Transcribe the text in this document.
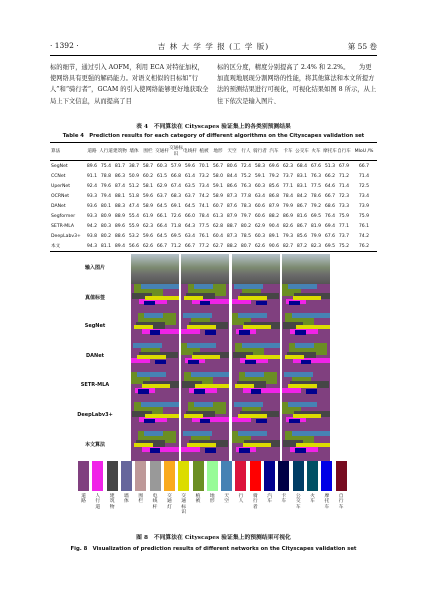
· 1392 ·	吉 林 大 学 学 报 (工 学 版)	第 55 卷

标的细节，通过引入 AOFM，利用 ECA 对特征加权，使网络具有更强的解码能力。对语义相似的目标如“行人”和“骑行者”，GCAM 的引入使网络能够更好地获取全局上下文信息，从而提高了目

标的区分度，精度分别提高了 2.4% 和 2.2%。　　为更加直观地展现分割网络的性能，将其他算法和本文所提方法的预测结果进行可视化，可视化结果如图 8 所示，从上往下依次是输入图片、

表 4　不同算法在 Cityscapes 验证集上的各类别预测结果
Table 4　Prediction results for each category of different algorithms on the Cityscapes validation set
算法	道路	人行道	建筑物	墙体	围栏	交通杆	交通标识	电线杆	植被	地形	天空	行人	骑行者	汽车	卡车	公交车	火车	摩托车	自行车	MIoU /%
SegNet	89.6	75.4	81.7	38.7	58.7	60.3	57.9	59.6	70.1	56.7	80.6	72.4	58.3	69.6	62.3	68.4	67.6	51.3	67.9	66.7
CCNet	91.1	78.8	86.3	50.9	60.2	61.5	66.8	61.4	73.2	58.0	84.4	75.2	59.1	79.2	73.7	83.1	76.3	66.2	71.2	71.4
UperNet	92.4	79.6	87.4	51.2	58.1	62.9	67.4	63.5	73.4	59.1	86.6	76.3	60.3	85.6	77.1	83.1	77.5	64.6	71.4	72.5
OCRNet	93.3	79.4	88.1	51.8	59.6	63.7	68.3	63.7	74.2	58.9	87.3	77.8	63.4	86.8	78.4	84.2	78.6	66.7	72.3	73.4
DANet	93.6	80.1	88.3	47.4	58.9	64.5	69.1	64.5	74.1	60.7	87.6	78.3	60.6	87.9	79.9	86.7	79.2	68.6	73.3	73.9
Segformer	93.3	80.9	88.9	55.4	61.9	66.1	72.6	66.0	78.4	61.3	87.9	79.7	60.6	88.2	86.9	81.6	69.5	76.4	75.9	75.9
SETR-MLA	94.2	80.3	89.6	55.9	62.3	66.4	71.8	64.3	77.5	62.8	88.7	80.2	62.9	90.4	82.6	86.7	81.9	69.4	77.1	76.1
DeepLabv3+	93.8	80.2	88.6	53.2	59.6	64.5	69.5	63.4	76.1	60.4	87.3	78.5	60.3	89.1	79.3	85.6	79.9	67.6	73.7	74.2
本文	94.3	81.1	89.4	56.6	62.6	66.7	71.2	66.7	77.2	62.7	88.2	80.7	62.6	90.6	82.7	87.2	82.3	69.5	75.2	76.2
输入图片
真值标签
SegNet
DANet
SETR-MLA
DeepLabv3+
本文算法
道
路
人
行
道
建
筑
物
墙
体
围
栏
电
线
杆
交
通
灯
交
通
标
识
植
被
地
形
天
空
行
人
骑
行
者
汽
车
卡
车
公
交
车
火
车
摩
托
车
自
行
车
图 8　不同算法在 Cityscapes 验证集上的预测结果可视化
Fig. 8　Visualization of prediction results of different networks on the Cityscapes validation set
